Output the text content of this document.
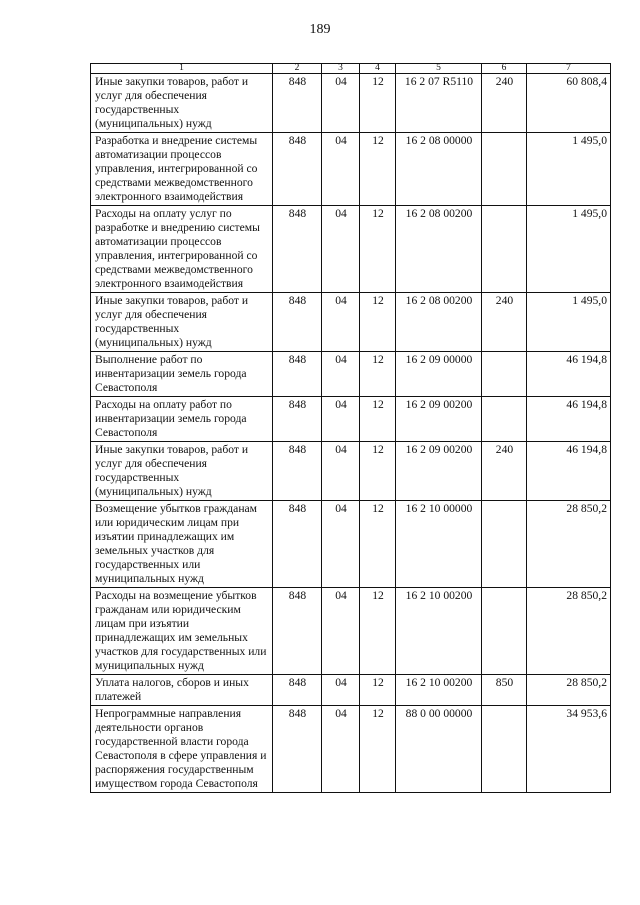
189
1	2	3	4	5	6	7
Иные закупки товаров, работ и услуг для обеспечения государственных (муниципальных) нужд	848	04	12	16 2 07 R5110	240	60 808,4
Разработка и внедрение системы автоматизации процессов управления, интегрированной со средствами межведомственного электронного взаимодействия	848	04	12	16 2 08 00000		1 495,0
Расходы на оплату услуг по разработке и внедрению системы автоматизации процессов управления, интегрированной со средствами межведомственного электронного взаимодействия	848	04	12	16 2 08 00200		1 495,0
Иные закупки товаров, работ и услуг для обеспечения государственных (муниципальных) нужд	848	04	12	16 2 08 00200	240	1 495,0
Выполнение работ по инвентаризации земель города Севастополя	848	04	12	16 2 09 00000		46 194,8
Расходы на оплату работ по инвентаризации земель города Севастополя	848	04	12	16 2 09 00200		46 194,8
Иные закупки товаров, работ и услуг для обеспечения государственных (муниципальных) нужд	848	04	12	16 2 09 00200	240	46 194,8
Возмещение убытков гражданам или юридическим лицам при изъятии принадлежащих им земельных участков для государственных или муниципальных нужд	848	04	12	16 2 10 00000		28 850,2
Расходы на возмещение убытков гражданам или юридическим лицам при изъятии принадлежащих им земельных участков для государственных или муниципальных нужд	848	04	12	16 2 10 00200		28 850,2
Уплата налогов, сборов и иных платежей	848	04	12	16 2 10 00200	850	28 850,2
Непрограммные направления деятельности органов государственной власти города Севастополя в сфере управления и распоряжения государственным имуществом города Севастополя	848	04	12	88 0 00 00000		34 953,6
